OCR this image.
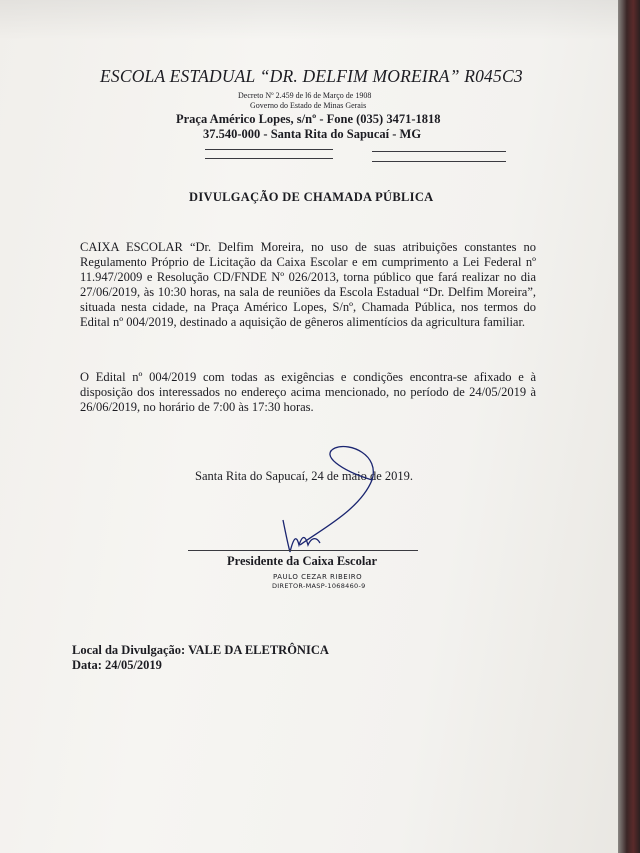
ESCOLA ESTADUAL “DR. DELFIM MOREIRA” R045C3
Decreto Nº 2.459 de l6 de Março de 1908
Governo do Estado de Minas Gerais
Praça Américo Lopes, s/nº - Fone (035) 3471-1818
37.540-000 - Santa Rita do Sapucaí - MG
DIVULGAÇÃO DE CHAMADA PÚBLICA
CAIXA ESCOLAR “Dr. Delfim Moreira, no uso de suas atribuições constantes no Regulamento Próprio de Licitação da Caixa Escolar e em cumprimento a Lei Federal nº 11.947/2009 e Resolução CD/FNDE Nº 026/2013, torna público que fará realizar no dia 27/06/2019, às 10:30 horas, na sala de reuniões da Escola Estadual “Dr. Delfim Moreira”, situada nesta cidade, na Praça Américo Lopes, S/nº, Chamada Pública, nos termos do Edital nº 004/2019, destinado a aquisição de gêneros alimentícios da agricultura familiar.
O Edital nº 004/2019 com todas as exigências e condições encontra-se afixado e à disposição dos interessados no endereço acima mencionado, no período de 24/05/2019 à 26/06/2019, no horário de 7:00 às 17:30 horas.
Santa Rita do Sapucaí, 24 de maio de 2019.
Presidente da Caixa Escolar
PAULO CEZAR RIBEIRO
DIRETOR-MASP-1068460-9
Local da Divulgação: VALE DA ELETRÔNICA
Data: 24/05/2019
